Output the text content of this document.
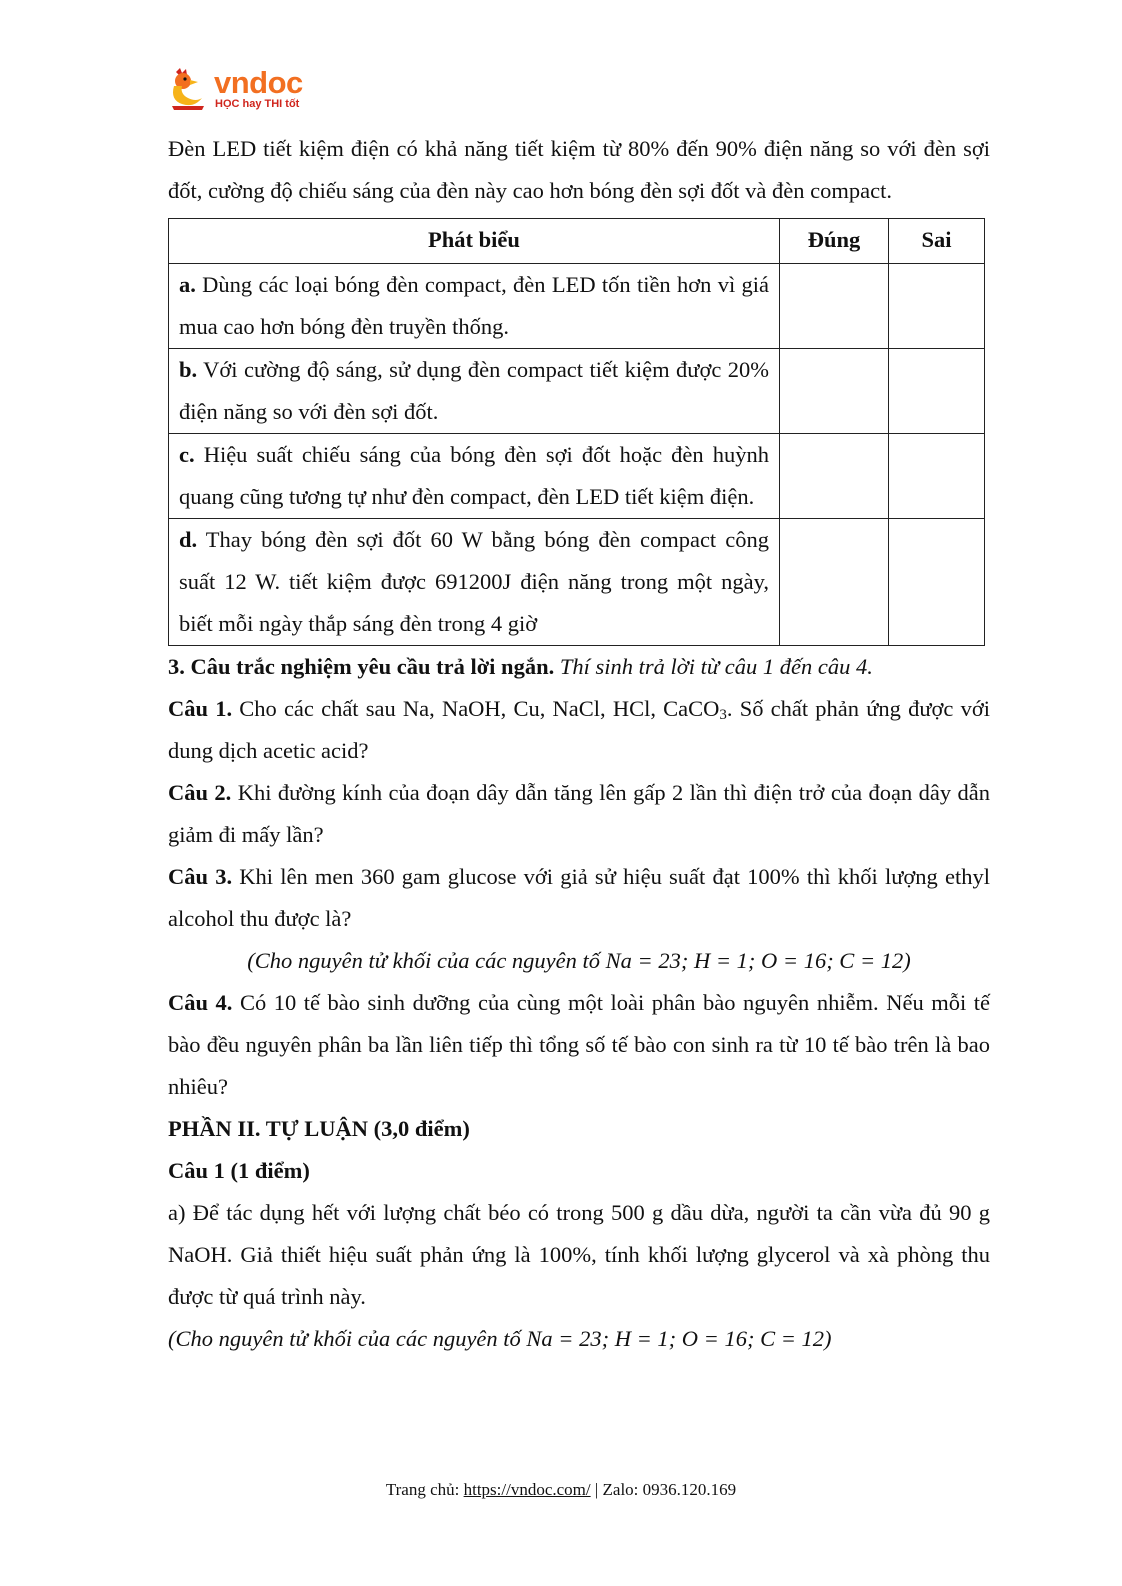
vndoc
HỌC hay THI tốt
Đèn LED tiết kiệm điện có khả năng tiết kiệm từ 80% đến 90% điện năng so với đèn sợi đốt, cường độ chiếu sáng của đèn này cao hơn bóng đèn sợi đốt và đèn compact.
Phát biểu	Đúng	Sai
a. Dùng các loại bóng đèn compact, đèn LED tốn tiền hơn vì giá mua cao hơn bóng đèn truyền thống.		
b. Với cường độ sáng, sử dụng đèn compact tiết kiệm được 20% điện năng so với đèn sợi đốt.		
c. Hiệu suất chiếu sáng của bóng đèn sợi đốt hoặc đèn huỳnh quang cũng tương tự như đèn compact, đèn LED tiết kiệm điện.		
d. Thay bóng đèn sợi đốt 60 W bằng bóng đèn compact công suất 12 W. tiết kiệm được 691200J điện năng trong một ngày, biết mỗi ngày thắp sáng đèn trong 4 giờ		
3. Câu trắc nghiệm yêu cầu trả lời ngắn. Thí sinh trả lời từ câu 1 đến câu 4.
Câu 1. Cho các chất sau Na, NaOH, Cu, NaCl, HCl, CaCO$_3$. Số chất phản ứng được với dung dịch acetic acid?
Câu 2. Khi đường kính của đoạn dây dẫn tăng lên gấp 2 lần thì điện trở của đoạn dây dẫn giảm đi mấy lần?
Câu 3. Khi lên men 360 gam glucose với giả sử hiệu suất đạt 100% thì khối lượng ethyl alcohol thu được là?
(Cho nguyên tử khối của các nguyên tố Na = 23; H = 1; O = 16; C = 12)
Câu 4. Có 10 tế bào sinh dưỡng của cùng một loài phân bào nguyên nhiễm. Nếu mỗi tế bào đều nguyên phân ba lần liên tiếp thì tổng số tế bào con sinh ra từ 10 tế bào trên là bao nhiêu?
PHẦN II. TỰ LUẬN (3,0 điểm)
Câu 1 (1 điểm)
a) Để tác dụng hết với lượng chất béo có trong 500 g dầu dừa, người ta cần vừa đủ 90 g NaOH. Giả thiết hiệu suất phản ứng là 100%, tính khối lượng glycerol và xà phòng thu được từ quá trình này.
(Cho nguyên tử khối của các nguyên tố Na = 23; H = 1; O = 16; C = 12)
Trang chủ: https://vndoc.com/ | Zalo: 0936.120.169
